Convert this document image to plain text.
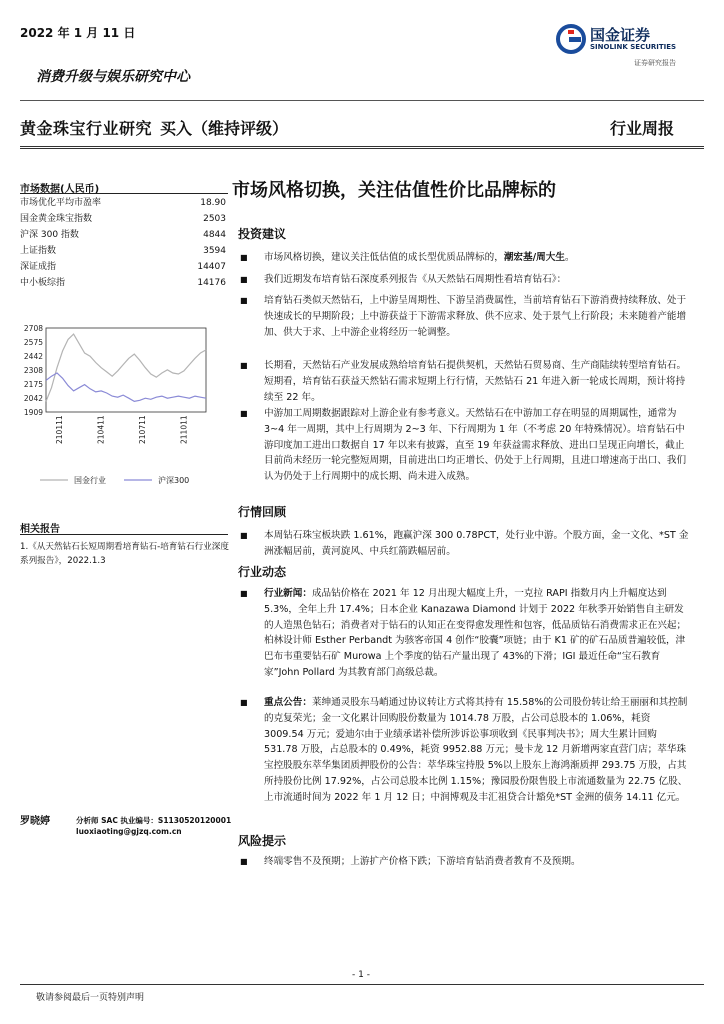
2022 年 1 月 11 日	国金证券
SINOLINK SECURITIES
证券研究报告
消费升级与娱乐研究中心
黄金珠宝行业研究 买入（维持评级）	行业周报
市场数据(人民币)
市场优化平均市盈率	18.90
国金黄金珠宝指数	2503
沪深 300 指数	4844
上证指数	3594
深证成指	14407
中小板综指	14176
2708
2575
2442
2308
2175
2042
1909
210111	210411	210711	211011
国金行业	沪深300
相关报告
1.《从天然钻石长短周期看培育钻石-培育钻石行业深度系列报告》，2022.1.3
罗晓婷	分析师 SAC 执业编号：S1130520120001
luoxiaoting@gjzq.com.cn
市场风格切换，关注估值性价比品牌标的
投资建议
■ 市场风格切换，建议关注低估值的成长型优质品牌标的，潮宏基/周大生。
■ 我们近期发布培育钻石深度系列报告《从天然钻石周期性看培育钻石》：
■ 培育钻石类似天然钻石，上中游呈周期性、下游呈消费属性，当前培育钻石下游消费持续释放、处于快速成长的早期阶段；上中游获益于下游需求释放、供不应求、处于景气上行阶段；未来随着产能增加、供大于求、上中游企业将经历一轮调整。
■ 长期看，天然钻石产业发展成熟给培育钻石提供契机，天然钻石贸易商、生产商陆续转型培育钻石。短期看，培育钻石获益天然钻石需求短期上行行情，天然钻石 21 年进入新一轮成长周期，预计将持续至 22 年。
■ 中游加工周期数据跟踪对上游企业有参考意义。天然钻石在中游加工存在明显的周期属性，通常为 3~4 年一周期，其中上行周期为 2~3 年、下行周期为 1 年（不考虑 20 年特殊情况）。培育钻石中游印度加工进出口数据自 17 年以来有披露，直至 19 年获益需求释放、进出口呈现正向增长，截止目前尚未经历一轮完整短周期，目前进出口均正增长、仍处于上行周期，且进口增速高于出口、我们认为仍处于上行周期中的成长期、尚未进入成熟。
行情回顾
■ 本周钻石珠宝板块跌 1.61%，跑赢沪深 300 0.78PCT，处行业中游。个股方面，金一文化、*ST 金洲涨幅居前，黄河旋风、中兵红箭跌幅居前。
行业动态
■ 行业新闻：成品钻价格在 2021 年 12 月出现大幅度上升，一克拉 RAPI 指数月内上升幅度达到 5.3%，全年上升 17.4%；日本企业 Kanazawa Diamond 计划于 2022 年秋季开始销售自主研发的人造黑色钻石；消费者对于钻石的认知正在变得愈发理性和包容，低品质钻石消费需求正在兴起；柏林设计师 Esther Perbandt 为骇客帝国 4 创作“胶囊”项链；由于 K1 矿的矿石品质普遍较低，津巴布韦重要钻石矿 Murowa 上个季度的钻石产量出现了 43%的下滑；IGI 最近任命“宝石教育家”John Pollard 为其教育部门高级总裁。
■ 重点公告：莱绅通灵股东马峭通过协议转让方式将其持有 15.58%的公司股份转让给王丽丽和其控制的克复荣光；金一文化累计回购股份数量为 1014.78 万股，占公司总股本的 1.06%，耗资 3009.54 万元；爱迪尔由于业绩承诺补偿所涉诉讼事项收到《民事判决书》；周大生累计回购 531.78 万股，占总股本的 0.49%，耗资 9952.88 万元；曼卡龙 12 月新增两家直营门店；萃华珠宝控股股东萃华集团质押股份的公告：萃华珠宝持股 5%以上股东上海鸿渐质押 293.75 万股，占其所持股份比例 17.92%，占公司总股本比例 1.15%；豫园股份限售股上市流通数量为 22.75 亿股、上市流通时间为 2022 年 1 月 12 日；中润博观及丰汇祖贷合计豁免*ST 金洲的债务 14.11 亿元。
风险提示
■ 终端零售不及预期；上游扩产价格下跌；下游培育钻消费者教育不及预期。
- 1 -
敬请参阅最后一页特别声明
